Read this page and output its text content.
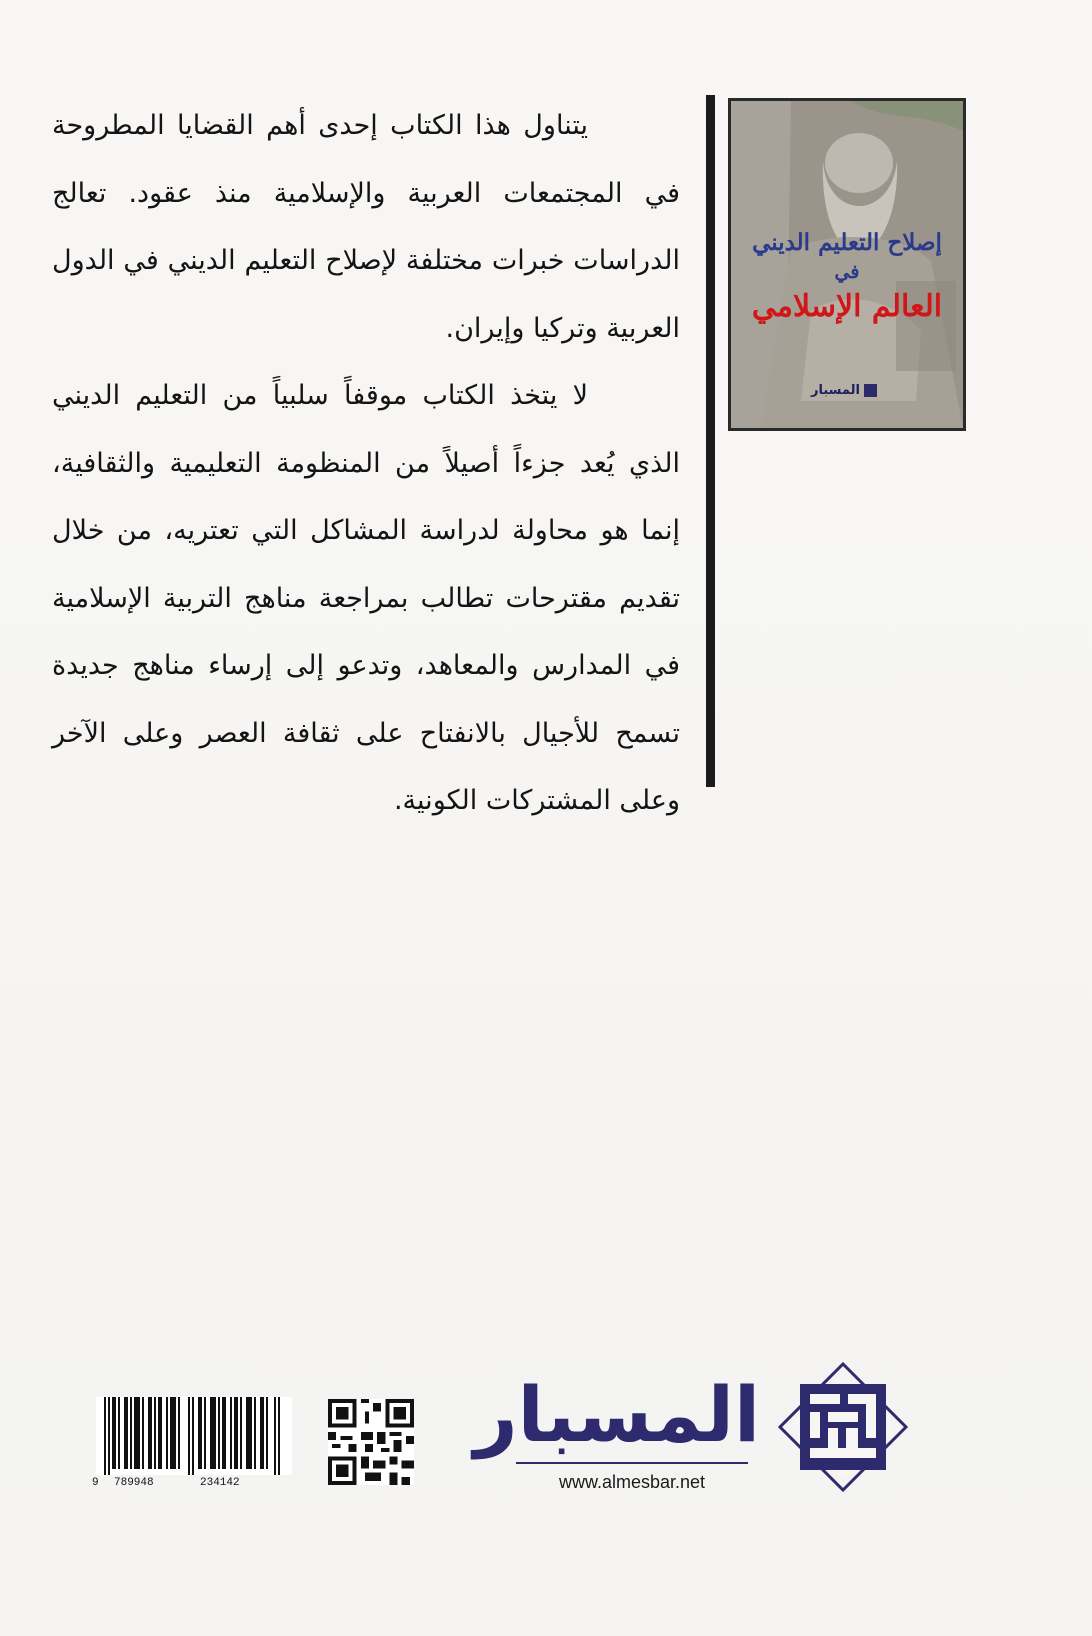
يتناول هذا الكتاب إحدى أهم القضايا المطروحة في المجتمعات العربية والإسلامية منذ عقود. تعالج الدراسات خبرات مختلفة لإصلاح التعليم الديني في الدول العربية وتركيا وإيران.

لا يتخذ الكتاب موقفاً سلبياً من التعليم الديني الذي يُعد جزءاً أصيلاً من المنظومة التعليمية والثقافية، إنما هو محاولة لدراسة المشاكل التي تعتريه، من خلال تقديم مقترحات تطالب بمراجعة مناهج التربية الإسلامية في المدارس والمعاهد، وتدعو إلى إرساء مناهج جديدة تسمح للأجيال بالانفتاح على ثقافة العصر وعلى الآخر وعلى المشتركات الكونية.

إصلاح التعليم الديني
في
العالم الإسلامي
المسبار
المسبار
www.almesbar.net
9 789948	234142
